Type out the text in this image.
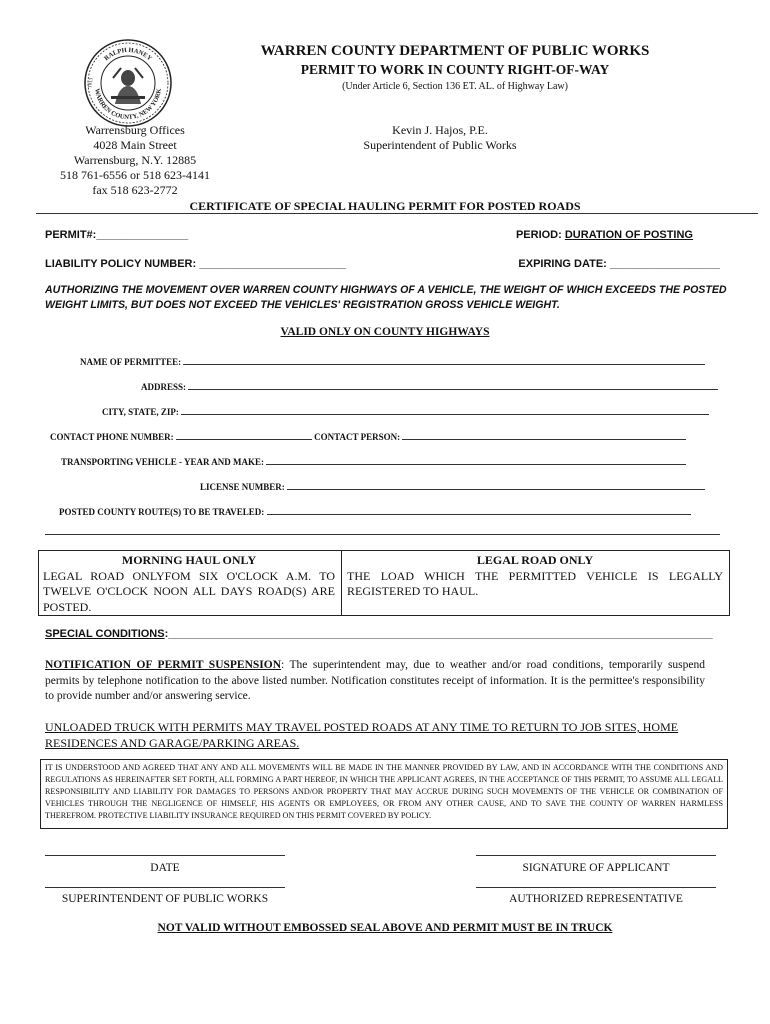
RALPH HANEY
WARREN COUNTY, NEW YORK
1813
WARREN COUNTY DEPARTMENT OF PUBLIC WORKS
PERMIT TO WORK IN COUNTY RIGHT-OF-WAY
(Under Article 6, Section 136 ET. AL. of Highway Law)
Warrensburg Offices
4028 Main Street
Warrensburg, N.Y. 12885
518 761-6556 or 518 623-4141
fax 518 623-2772
Kevin J. Hajos, P.E.
Superintendent of Public Works
CERTIFICATE OF SPECIAL HAULING PERMIT FOR POSTED ROADS
PERMIT#:_______________	PERIOD: DURATION OF POSTING
LIABILITY POLICY NUMBER: ________________________	EXPIRING DATE: __________________
AUTHORIZING THE MOVEMENT OVER WARREN COUNTY HIGHWAYS OF A VEHICLE, THE WEIGHT OF WHICH EXCEEDS THE POSTED WEIGHT LIMITS, BUT DOES NOT EXCEED THE VEHICLES' REGISTRATION GROSS VEHICLE WEIGHT.
VALID ONLY ON COUNTY HIGHWAYS
NAME OF PERMITTEE:
ADDRESS:
CITY, STATE, ZIP:
CONTACT PHONE NUMBER:	CONTACT PERSON:
TRANSPORTING VEHICLE - YEAR AND MAKE:
LICENSE NUMBER:
POSTED COUNTY ROUTE(S) TO BE TRAVELED:
MORNING HAUL ONLY
LEGAL ROAD ONLYFOM SIX O'CLOCK A.M. TO TWELVE O'CLOCK NOON ALL DAYS ROAD(S) ARE POSTED.
LEGAL ROAD ONLY
THE LOAD WHICH THE PERMITTED VEHICLE IS LEGALLY REGISTERED TO HAUL.
SPECIAL CONDITIONS:_________________________________________________________________________________________
NOTIFICATION OF PERMIT SUSPENSION: The superintendent may, due to weather and/or road conditions, temporarily suspend permits by telephone notification to the above listed number. Notification constitutes receipt of information. It is the permittee's responsibility to provide number and/or answering service.
UNLOADED TRUCK WITH PERMITS MAY TRAVEL POSTED ROADS AT ANY TIME TO RETURN TO JOB SITES, HOME RESIDENCES AND GARAGE/PARKING AREAS.
IT IS UNDERSTOOD AND AGREED THAT ANY AND ALL MOVEMENTS WILL BE MADE IN THE MANNER PROVIDED BY LAW, AND IN ACCORDANCE WITH THE CONDITIONS AND REGULATIONS AS HEREINAFTER SET FORTH, ALL FORMING A PART HEREOF, IN WHICH THE APPLICANT AGREES, IN THE ACCEPTANCE OF THIS PERMIT, TO ASSUME ALL LEGALL RESPONSIBILITY AND LIABILITY FOR DAMAGES TO PERSONS AND/OR PROPERTY THAT MAY ACCRUE DURING SUCH MOVEMENTS OF THE VEHICLE OR COMBINATION OF VEHICLES THROUGH THE NEGLIGENCE OF HIMSELF, HIS AGENTS OR EMPLOYEES, OR FROM ANY OTHER CAUSE, AND TO SAVE THE COUNTY OF WARREN HARMLESS THEREFROM. PROTECTIVE LIABILITY INSURANCE REQUIRED ON THIS PERMIT COVERED BY POLICY.
DATE	SIGNATURE OF APPLICANT
SUPERINTENDENT OF PUBLIC WORKS	AUTHORIZED REPRESENTATIVE
NOT VALID WITHOUT EMBOSSED SEAL ABOVE AND PERMIT MUST BE IN TRUCK
